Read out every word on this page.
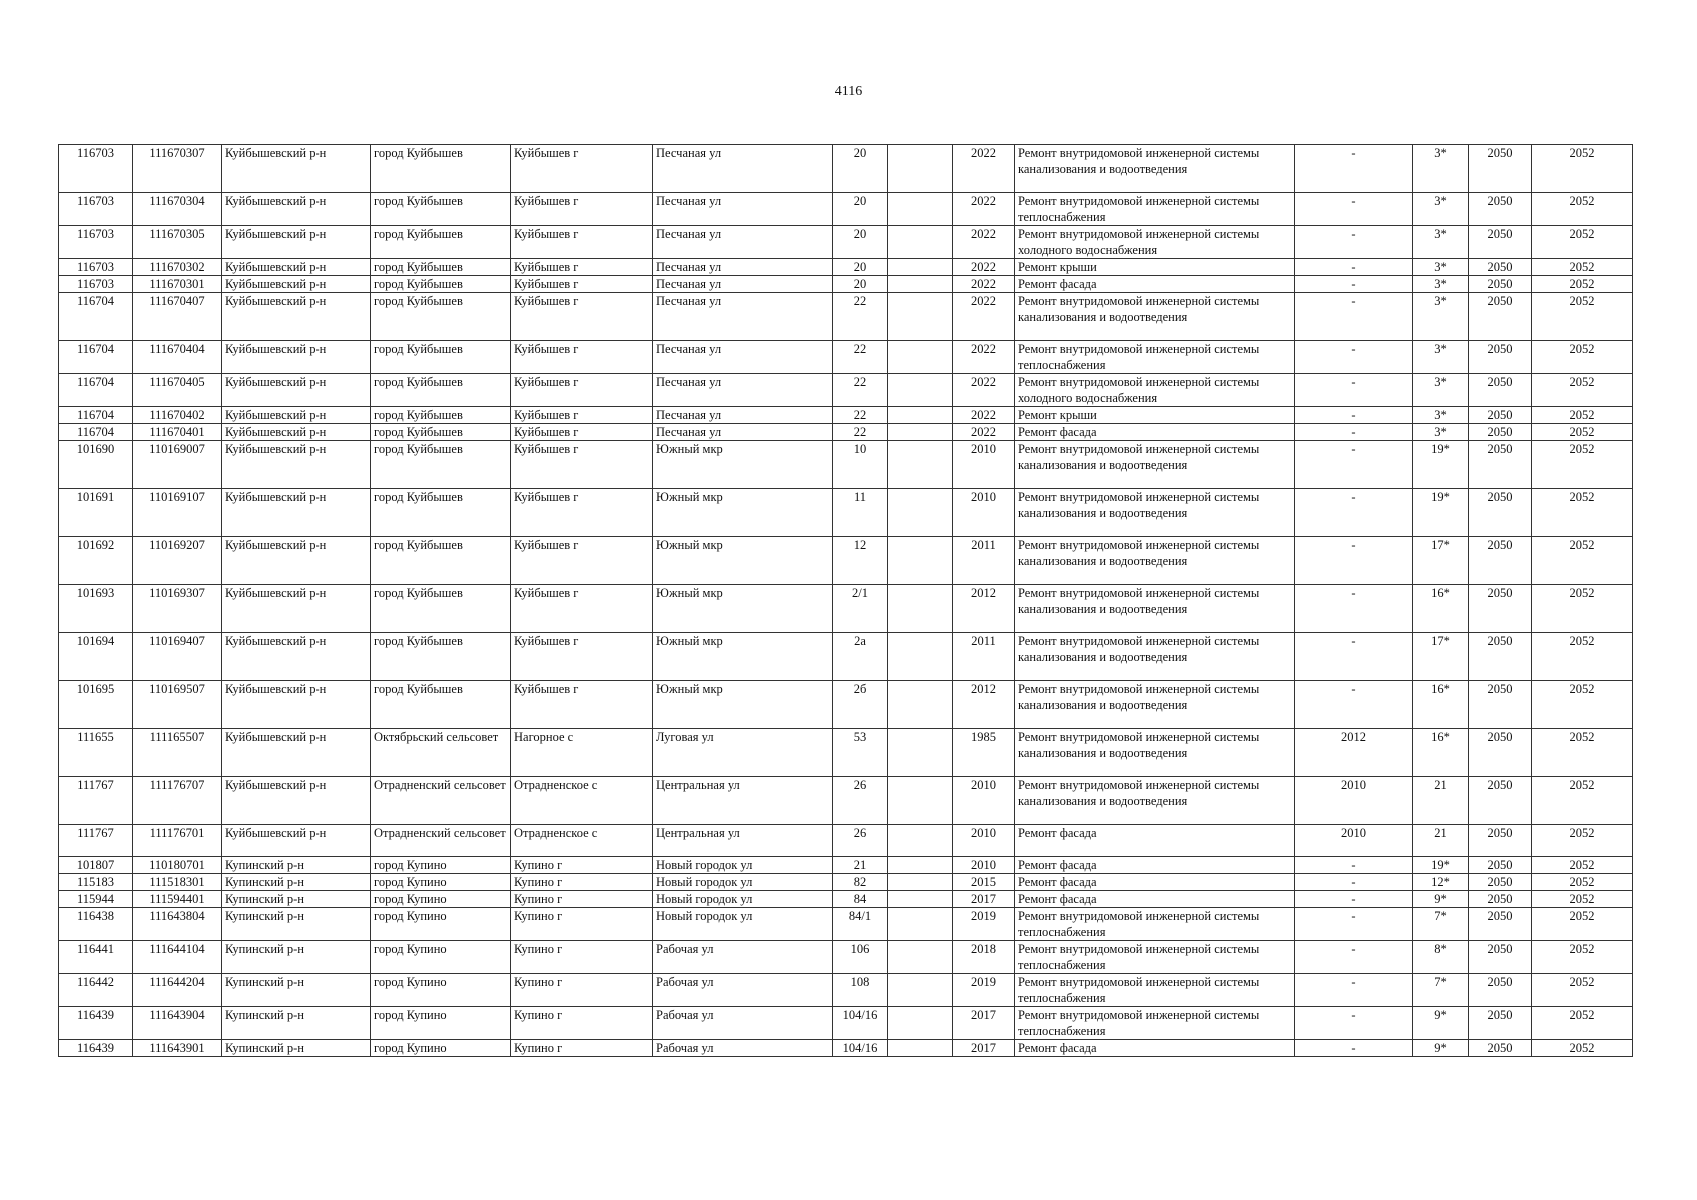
4116
116703	111670307	Куйбышевский р-н	город Куйбышев	Куйбышев г	Песчаная ул	20		2022	Ремонт внутридомовой инженерной системы канализования и водоотведения	-	3*	2050	2052
116703	111670304	Куйбышевский р-н	город Куйбышев	Куйбышев г	Песчаная ул	20		2022	Ремонт внутридомовой инженерной системы теплоснабжения	-	3*	2050	2052
116703	111670305	Куйбышевский р-н	город Куйбышев	Куйбышев г	Песчаная ул	20		2022	Ремонт внутридомовой инженерной системы холодного водоснабжения	-	3*	2050	2052
116703	111670302	Куйбышевский р-н	город Куйбышев	Куйбышев г	Песчаная ул	20		2022	Ремонт крыши	-	3*	2050	2052
116703	111670301	Куйбышевский р-н	город Куйбышев	Куйбышев г	Песчаная ул	20		2022	Ремонт фасада	-	3*	2050	2052
116704	111670407	Куйбышевский р-н	город Куйбышев	Куйбышев г	Песчаная ул	22		2022	Ремонт внутридомовой инженерной системы канализования и водоотведения	-	3*	2050	2052
116704	111670404	Куйбышевский р-н	город Куйбышев	Куйбышев г	Песчаная ул	22		2022	Ремонт внутридомовой инженерной системы теплоснабжения	-	3*	2050	2052
116704	111670405	Куйбышевский р-н	город Куйбышев	Куйбышев г	Песчаная ул	22		2022	Ремонт внутридомовой инженерной системы холодного водоснабжения	-	3*	2050	2052
116704	111670402	Куйбышевский р-н	город Куйбышев	Куйбышев г	Песчаная ул	22		2022	Ремонт крыши	-	3*	2050	2052
116704	111670401	Куйбышевский р-н	город Куйбышев	Куйбышев г	Песчаная ул	22		2022	Ремонт фасада	-	3*	2050	2052
101690	110169007	Куйбышевский р-н	город Куйбышев	Куйбышев г	Южный мкр	10		2010	Ремонт внутридомовой инженерной системы канализования и водоотведения	-	19*	2050	2052
101691	110169107	Куйбышевский р-н	город Куйбышев	Куйбышев г	Южный мкр	11		2010	Ремонт внутридомовой инженерной системы канализования и водоотведения	-	19*	2050	2052
101692	110169207	Куйбышевский р-н	город Куйбышев	Куйбышев г	Южный мкр	12		2011	Ремонт внутридомовой инженерной системы канализования и водоотведения	-	17*	2050	2052
101693	110169307	Куйбышевский р-н	город Куйбышев	Куйбышев г	Южный мкр	2/1		2012	Ремонт внутридомовой инженерной системы канализования и водоотведения	-	16*	2050	2052
101694	110169407	Куйбышевский р-н	город Куйбышев	Куйбышев г	Южный мкр	2а		2011	Ремонт внутридомовой инженерной системы канализования и водоотведения	-	17*	2050	2052
101695	110169507	Куйбышевский р-н	город Куйбышев	Куйбышев г	Южный мкр	2б		2012	Ремонт внутридомовой инженерной системы канализования и водоотведения	-	16*	2050	2052
111655	111165507	Куйбышевский р-н	Октябрьский сельсовет	Нагорное с	Луговая ул	53		1985	Ремонт внутридомовой инженерной системы канализования и водоотведения	2012	16*	2050	2052
111767	111176707	Куйбышевский р-н	Отрадненский сельсовет	Отрадненское с	Центральная ул	26		2010	Ремонт внутридомовой инженерной системы канализования и водоотведения	2010	21	2050	2052
111767	111176701	Куйбышевский р-н	Отрадненский сельсовет	Отрадненское с	Центральная ул	26		2010	Ремонт фасада	2010	21	2050	2052
101807	110180701	Купинский р-н	город Купино	Купино г	Новый городок ул	21		2010	Ремонт фасада	-	19*	2050	2052
115183	111518301	Купинский р-н	город Купино	Купино г	Новый городок ул	82		2015	Ремонт фасада	-	12*	2050	2052
115944	111594401	Купинский р-н	город Купино	Купино г	Новый городок ул	84		2017	Ремонт фасада	-	9*	2050	2052
116438	111643804	Купинский р-н	город Купино	Купино г	Новый городок ул	84/1		2019	Ремонт внутридомовой инженерной системы теплоснабжения	-	7*	2050	2052
116441	111644104	Купинский р-н	город Купино	Купино г	Рабочая ул	106		2018	Ремонт внутридомовой инженерной системы теплоснабжения	-	8*	2050	2052
116442	111644204	Купинский р-н	город Купино	Купино г	Рабочая ул	108		2019	Ремонт внутридомовой инженерной системы теплоснабжения	-	7*	2050	2052
116439	111643904	Купинский р-н	город Купино	Купино г	Рабочая ул	104/16		2017	Ремонт внутридомовой инженерной системы теплоснабжения	-	9*	2050	2052
116439	111643901	Купинский р-н	город Купино	Купино г	Рабочая ул	104/16		2017	Ремонт фасада	-	9*	2050	2052
